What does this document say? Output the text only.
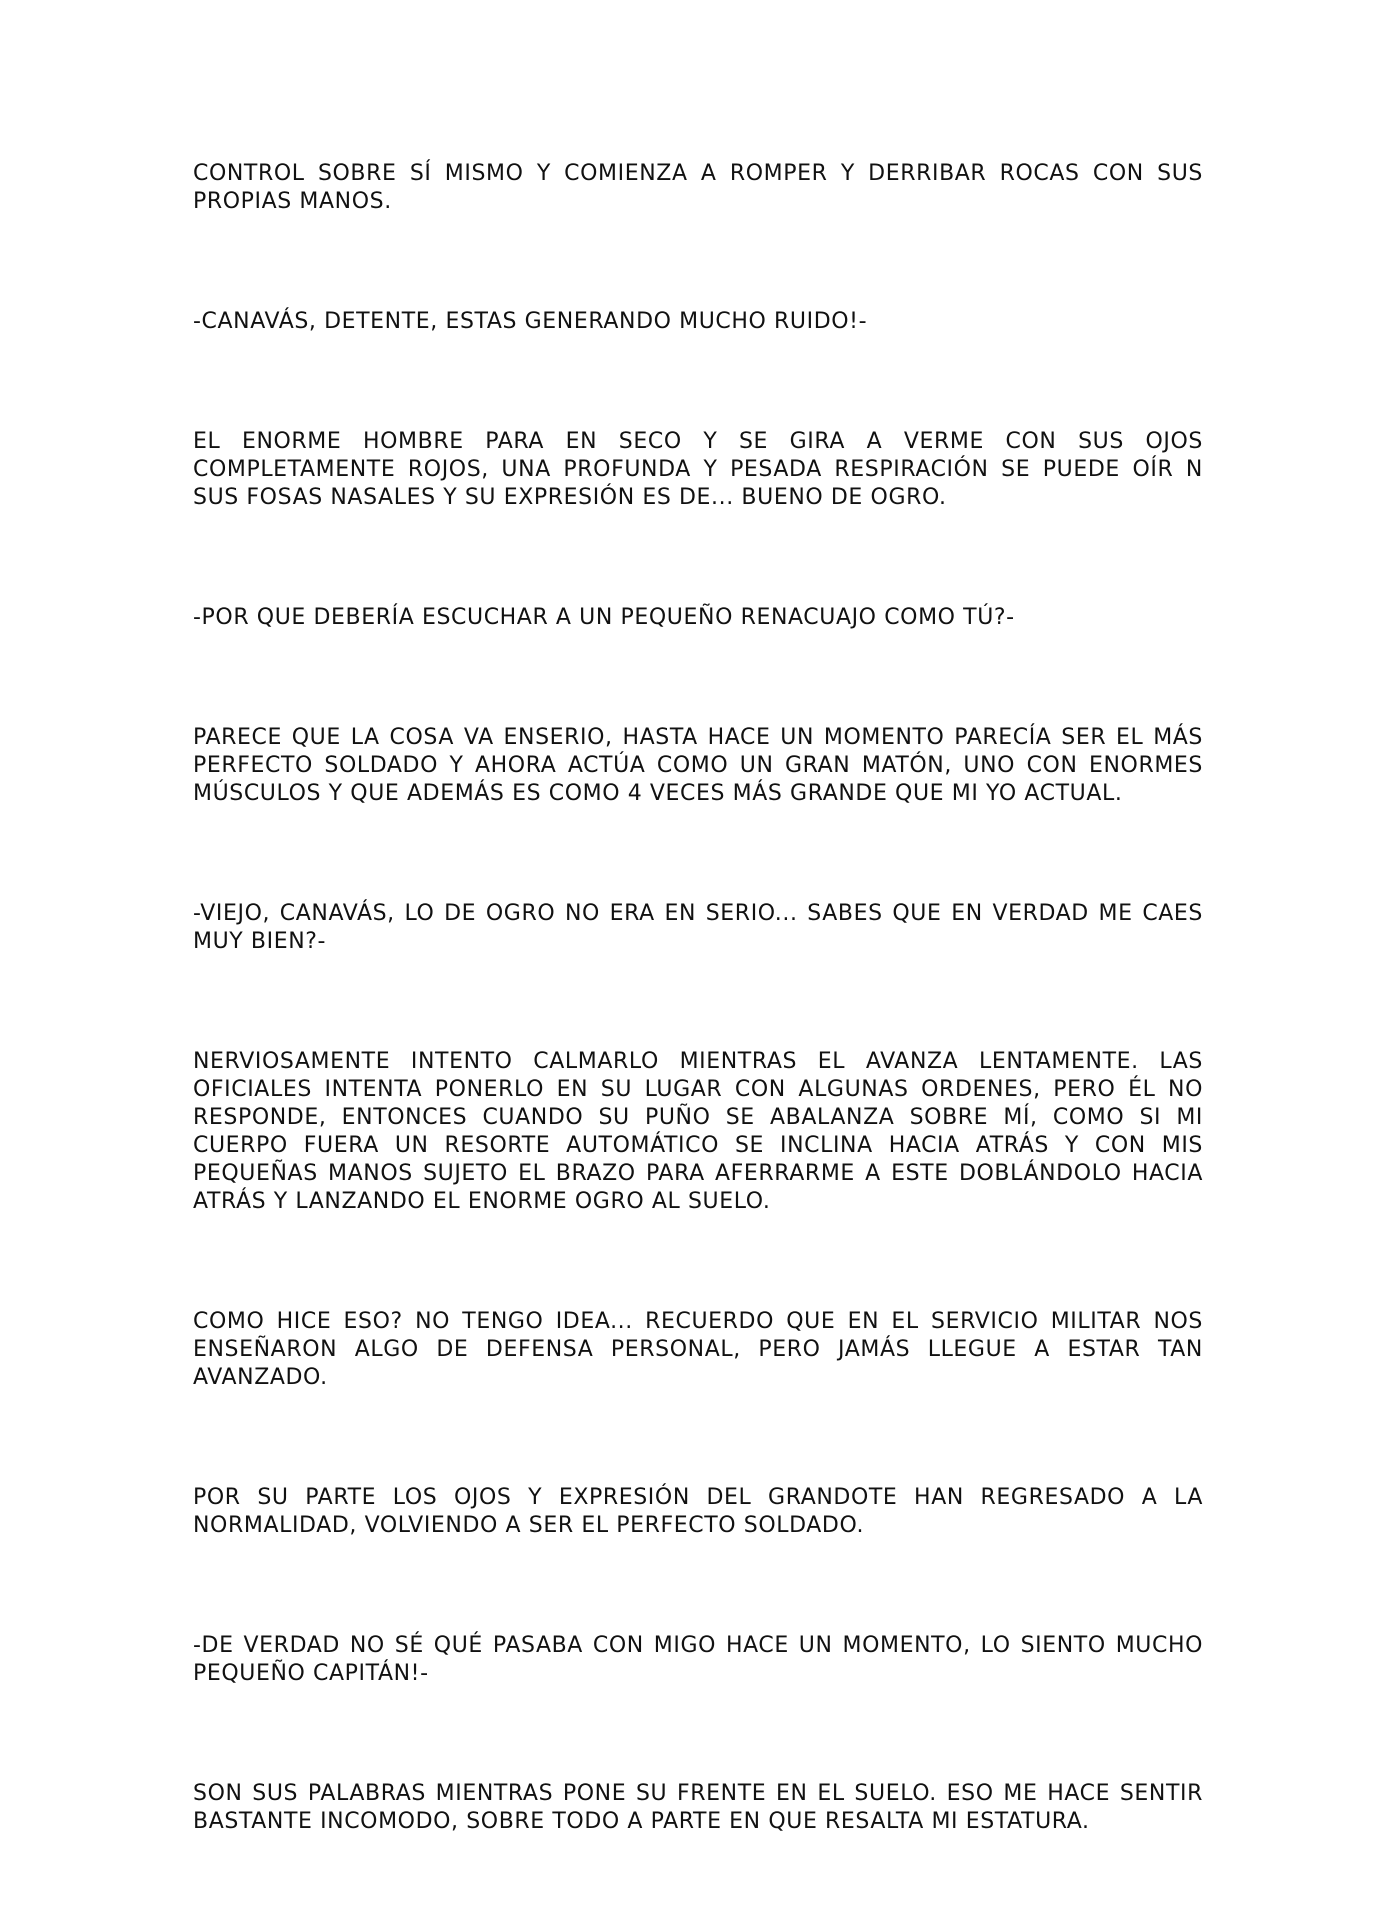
CONTROL SOBRE SÍ MISMO Y COMIENZA A ROMPER Y DERRIBAR ROCAS CON SUS PROPIAS MANOS.

-CANAVÁS, DETENTE, ESTAS GENERANDO MUCHO RUIDO!-

EL ENORME HOMBRE PARA EN SECO Y SE GIRA A VERME CON SUS OJOS COMPLETAMENTE ROJOS, UNA PROFUNDA Y PESADA RESPIRACIÓN SE PUEDE OÍR N SUS FOSAS NASALES Y SU EXPRESIÓN ES DE... BUENO DE OGRO.

-POR QUE DEBERÍA ESCUCHAR A UN PEQUEÑO RENACUAJO COMO TÚ?-

PARECE QUE LA COSA VA ENSERIO, HASTA HACE UN MOMENTO PARECÍA SER EL MÁS PERFECTO SOLDADO Y AHORA ACTÚA COMO UN GRAN MATÓN, UNO CON ENORMES MÚSCULOS Y QUE ADEMÁS ES COMO 4 VECES MÁS GRANDE QUE MI YO ACTUAL.

-VIEJO, CANAVÁS, LO DE OGRO NO ERA EN SERIO... SABES QUE EN VERDAD ME CAES MUY BIEN?-

NERVIOSAMENTE INTENTO CALMARLO MIENTRAS EL AVANZA LENTAMENTE. LAS OFICIALES INTENTA PONERLO EN SU LUGAR CON ALGUNAS ORDENES, PERO ÉL NO RESPONDE, ENTONCES CUANDO SU PUÑO SE ABALANZA SOBRE MÍ, COMO SI MI CUERPO FUERA UN RESORTE AUTOMÁTICO SE INCLINA HACIA ATRÁS Y CON MIS PEQUEÑAS MANOS SUJETO EL BRAZO PARA AFERRARME A ESTE DOBLÁNDOLO HACIA ATRÁS Y LANZANDO EL ENORME OGRO AL SUELO.

COMO HICE ESO? NO TENGO IDEA... RECUERDO QUE EN EL SERVICIO MILITAR NOS ENSEÑARON ALGO DE DEFENSA PERSONAL, PERO JAMÁS LLEGUE A ESTAR TAN AVANZADO.

POR SU PARTE LOS OJOS Y EXPRESIÓN DEL GRANDOTE HAN REGRESADO A LA NORMALIDAD, VOLVIENDO A SER EL PERFECTO SOLDADO.

-DE VERDAD NO SÉ QUÉ PASABA CON MIGO HACE UN MOMENTO, LO SIENTO MUCHO PEQUEÑO CAPITÁN!-

SON SUS PALABRAS MIENTRAS PONE SU FRENTE EN EL SUELO. ESO ME HACE SENTIR BASTANTE INCOMODO, SOBRE TODO A PARTE EN QUE RESALTA MI ESTATURA.
